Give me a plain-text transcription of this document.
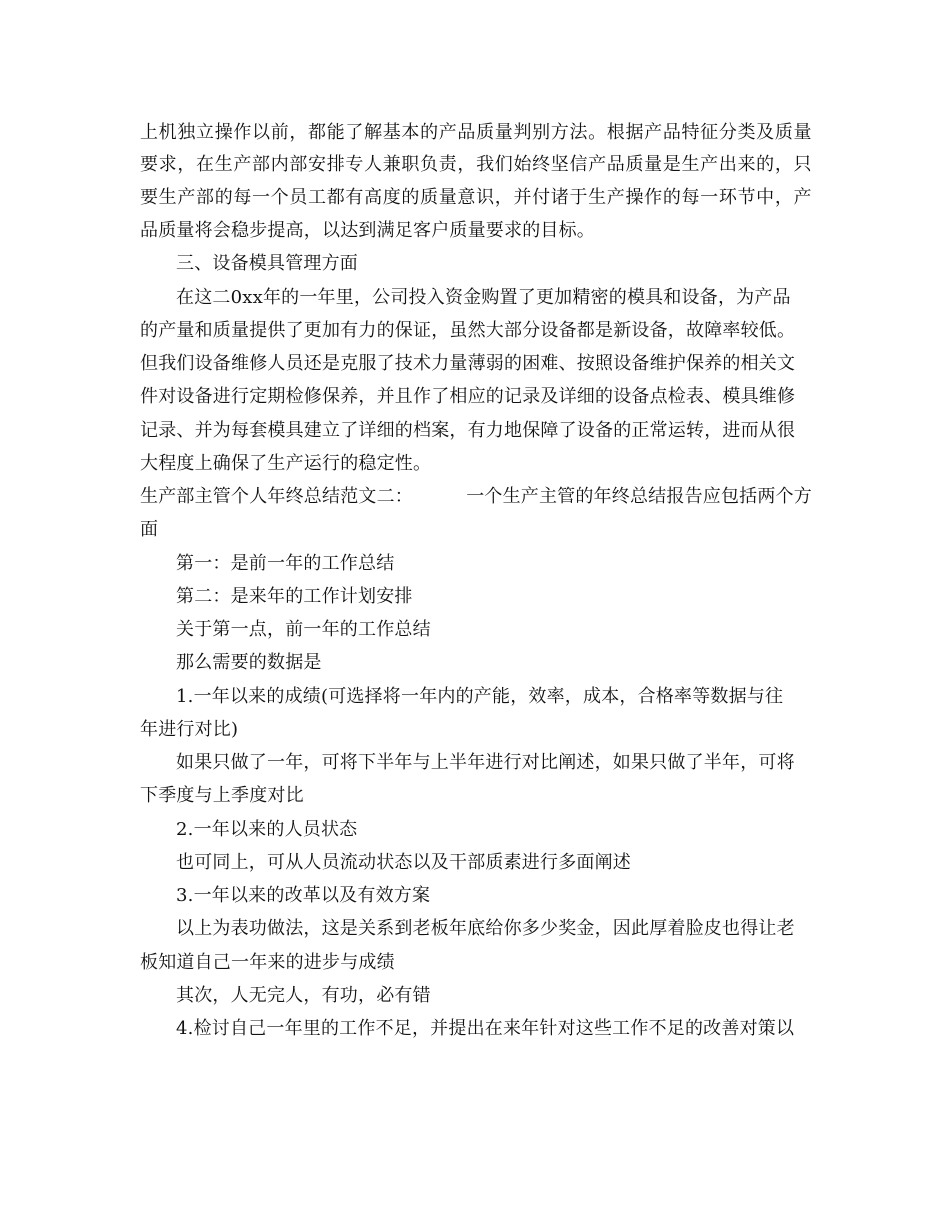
上 机 独 立 操 作 以 前 ， 都 能 了 解 基 本 的 产 品 质 量 判 别 方 法 。 根 据 产 品 特 征 分 类 及 质 量
要 求 ， 在 生 产 部 内 部 安 排 专 人 兼 职 负 责 ， 我 们 始 终 坚 信 产 品 质 量 是 生 产 出 来 的 ， 只
要 生 产 部 的 每 一 个 员 工 都 有 高 度 的 质 量 意 识 ， 并 付 诸 于 生 产 操 作 的 每 一 环 节 中 ， 产
品质量将会稳步提高，以达到满足客户质量要求的目标。
三、设备模具管理方面
在这二0xx年的一年里，公司投入资金购置了更加精密的模具和设备，为产品
的产量和质量提供了更加有力的保证，虽然大部分设备都是新设备，故障率较低。
但我们设备维修人员还是克服了技术力量薄弱的困难、按照设备维护保养的相关文
件对设备进行定期检修保养，并且作了相应的记录及详细的设备点检表、模具维修
记录、并为每套模具建立了详细的档案，有力地保障了设备的正常运转，进而从很
大程度上确保了生产运行的稳定性。
生产部主管个人年终总结范文二：	一个生产主管的年终总结报告应包括两个方
面
第一：是前一年的工作总结
第二：是来年的工作计划安排
关于第一点，前一年的工作总结
那么需要的数据是
1.一年以来的成绩(可选择将一年内的产能，效率，成本，合格率等数据与往
年进行对比)
如果只做了一年，可将下半年与上半年进行对比阐述，如果只做了半年，可将
下季度与上季度对比
2.一年以来的人员状态
也可同上，可从人员流动状态以及干部质素进行多面阐述
3.一年以来的改革以及有效方案
以上为表功做法，这是关系到老板年底给你多少奖金，因此厚着脸皮也得让老
板知道自己一年来的进步与成绩
其次，人无完人，有功，必有错
4.检讨自己一年里的工作不足，并提出在来年针对这些工作不足的改善对策以
